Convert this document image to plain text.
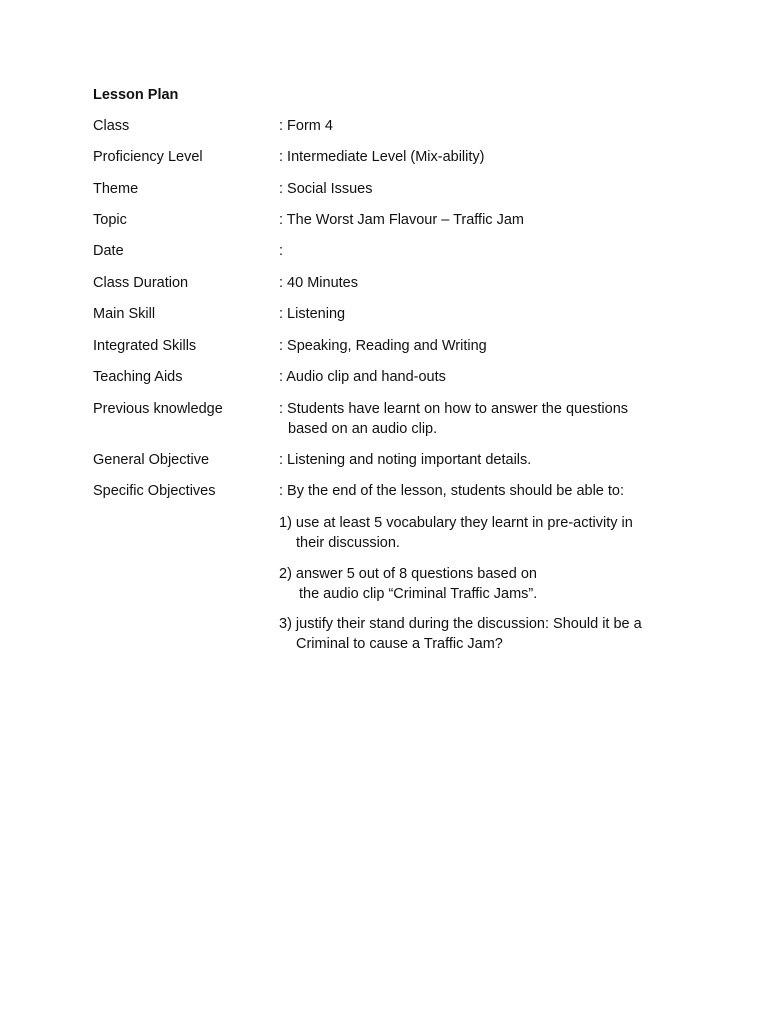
Lesson Plan
Class	: Form 4
Proficiency Level	: Intermediate Level (Mix-ability)
Theme	: Social Issues
Topic	: The Worst Jam Flavour – Traffic Jam
Date	:
Class Duration	: 40 Minutes
Main Skill	: Listening
Integrated Skills	: Speaking, Reading and Writing
Teaching Aids	: Audio clip and hand-outs
Previous knowledge	: Students have learnt on how to answer the questions
based on an audio clip.
General Objective	: Listening and noting important details.
Specific Objectives	: By the end of the lesson, students should be able to:
1) use at least 5 vocabulary they learnt in pre-activity in
their discussion.
2) answer 5 out of 8 questions based on
the audio clip “Criminal Traffic Jams”.
3) justify their stand during the discussion: Should it be a
Criminal to cause a Traffic Jam?
